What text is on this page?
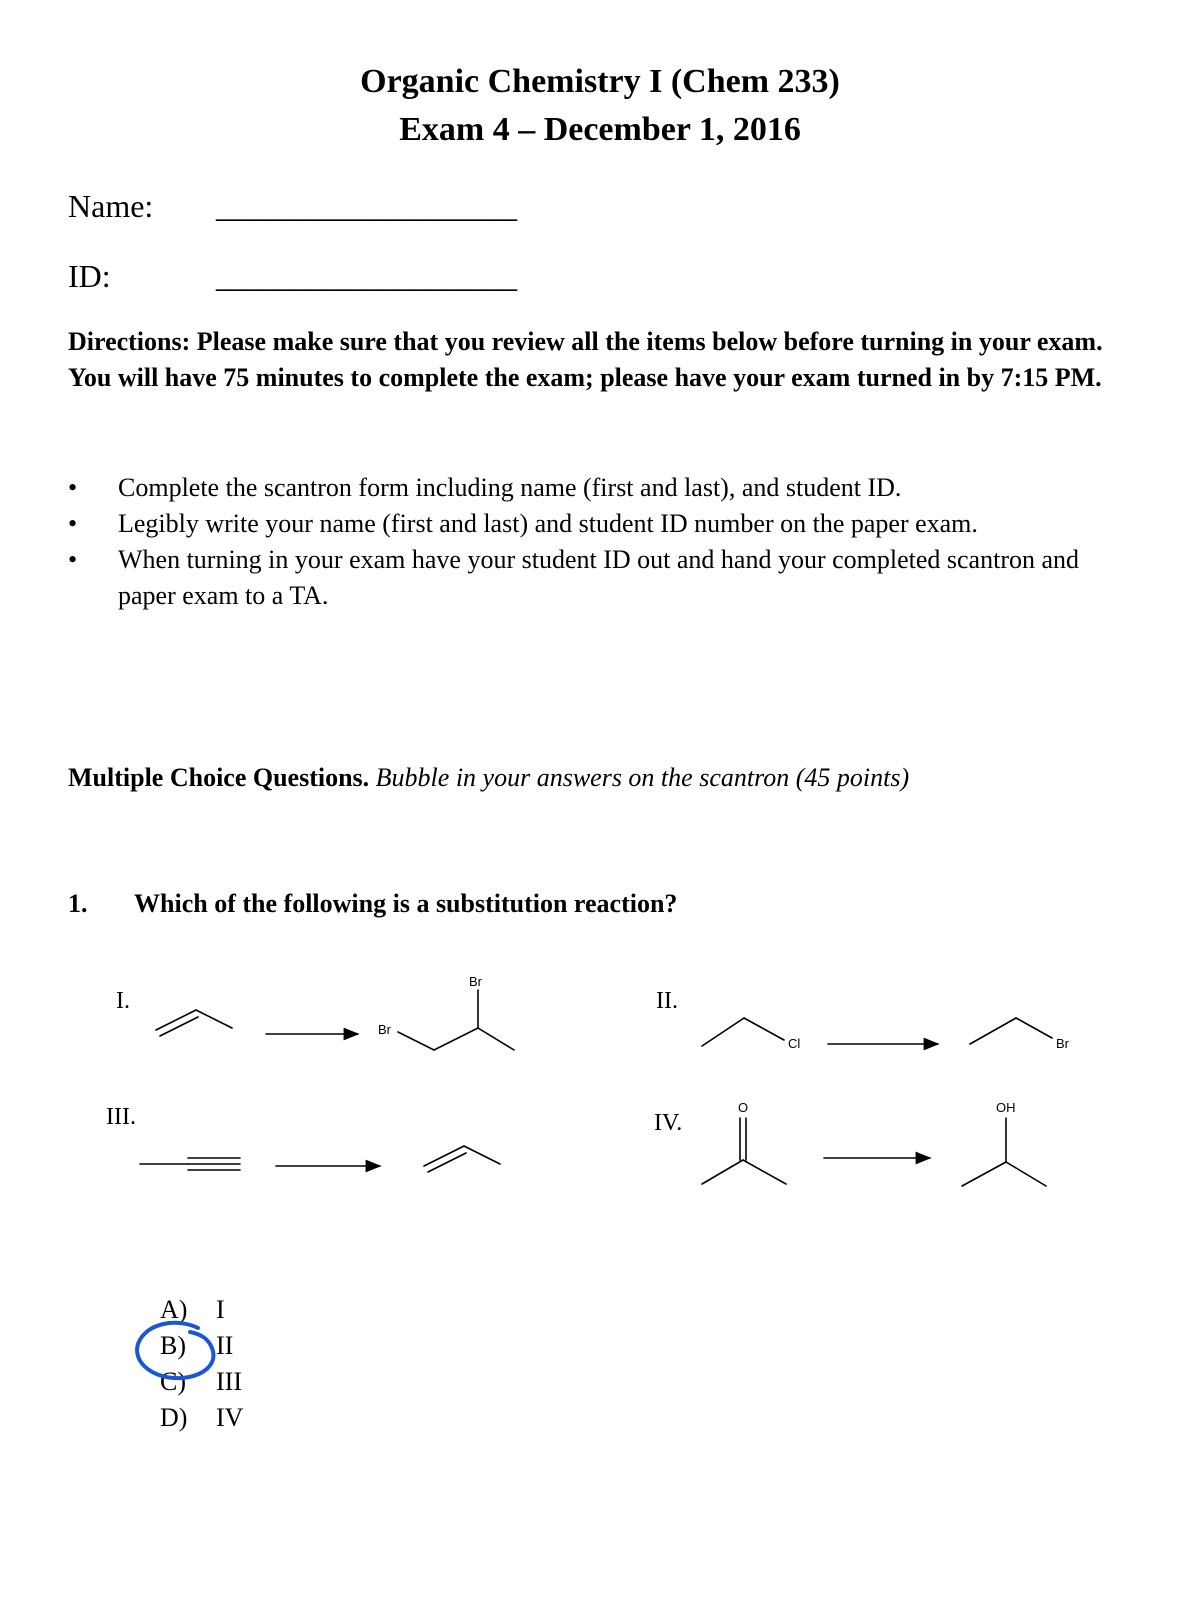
Organic Chemistry I (Chem 233)
Exam 4 – December 1, 2016
Name: ____________________
ID:	____________________
Directions: Please make sure that you review all the items below before turning in your exam. You will have 75 minutes to complete the exam; please have your exam turned in by 7:15 PM.
• Complete the scantron form including name (first and last), and student ID.
• Legibly write your name (first and last) and student ID number on the paper exam.
• When turning in your exam have your student ID out and hand your completed scantron and paper exam to a TA.
Multiple Choice Questions. Bubble in your answers on the scantron (45 points)
1. Which of the following is a substitution reaction?
I.
Br
Br
II.
Cl	Br
III.	IV.
O	OH
A) I
B) II
C) III
D) IV
